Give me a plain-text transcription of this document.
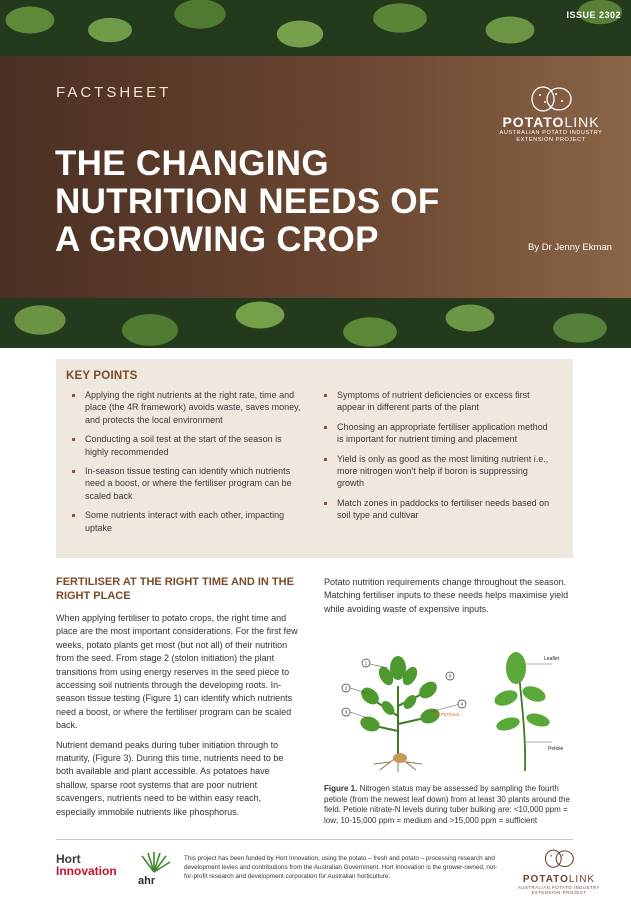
ISSUE 2302
FACTSHEET
THE CHANGING
NUTRITION NEEDS OF
A GROWING CROP	By Dr Jenny Ekman
POTATOLINK
AUSTRALIAN POTATO INDUSTRY
EXTENSION PROJECT
KEY POINTS
Applying the right nutrients at the right rate, time and place (the 4R framework) avoids waste, saves money, and protects the local environment
Conducting a soil test at the start of the season is highly recommended
In-season tissue testing can identify which nutrients need a boost, or where the fertiliser program can be scaled back
Some nutrients interact with each other, impacting uptake
Symptoms of nutrient deficiencies or excess first appear in different parts of the plant
Choosing an appropriate fertiliser application method is important for nutrient timing and placement
Yield is only as good as the most limiting nutrient i.e., more nitrogen won't help if boron is suppressing growth
Match zones in paddocks to fertiliser needs based on soil type and cultivar
FERTILISER AT THE RIGHT TIME AND IN THE RIGHT PLACE

When applying fertiliser to potato crops, the right time and place are the most important considerations. For the first few weeks, potato plants get most (but not all) of their nutrition from the seed. From stage 2 (stolon initiation) the plant transitions from using energy reserves in the seed piece to accessing soil nutrients through the developing roots. In-season tissue testing (Figure 1) can identify which nutrients need a boost, or where the fertiliser program can be scaled back.

Nutrient demand peaks during tuber initiation through to maturity, (Figure 3). During this time, nutrients need to be both available and plant accessible. As potatoes have shallow, sparse root systems that are poor nutrient scavengers, nutrients need to be within easy reach, especially immobile nutrients like phosphorus.

Potato nutrition requirements change throughout the season. Matching fertiliser inputs to these needs helps maximise yield while avoiding waste of expensive inputs.

1
2
3
4
5
4th PETIOLE
Leaflet
Petiole

Figure 1. Nitrogen status may be assessed by sampling the fourth petiole (from the newest leaf down) from at least 30 plants around the field. Petiole nitrate-N levels during tuber bulking are: <10,000 ppm = low; 10-15,000 ppm = medium and >15,000 ppm = sufficient

Hort
Innovation
ahr

This project has been funded by Hort Innovation, using the potato – fresh and potato – processing research and development levies and contributions from the Australian Government. Hort Innovation is the grower-owned, not-for-profit research and development corporation for Australian horticulture.	POTATOLINK
AUSTRALIAN POTATO INDUSTRY
EXTENSION PROJECT
